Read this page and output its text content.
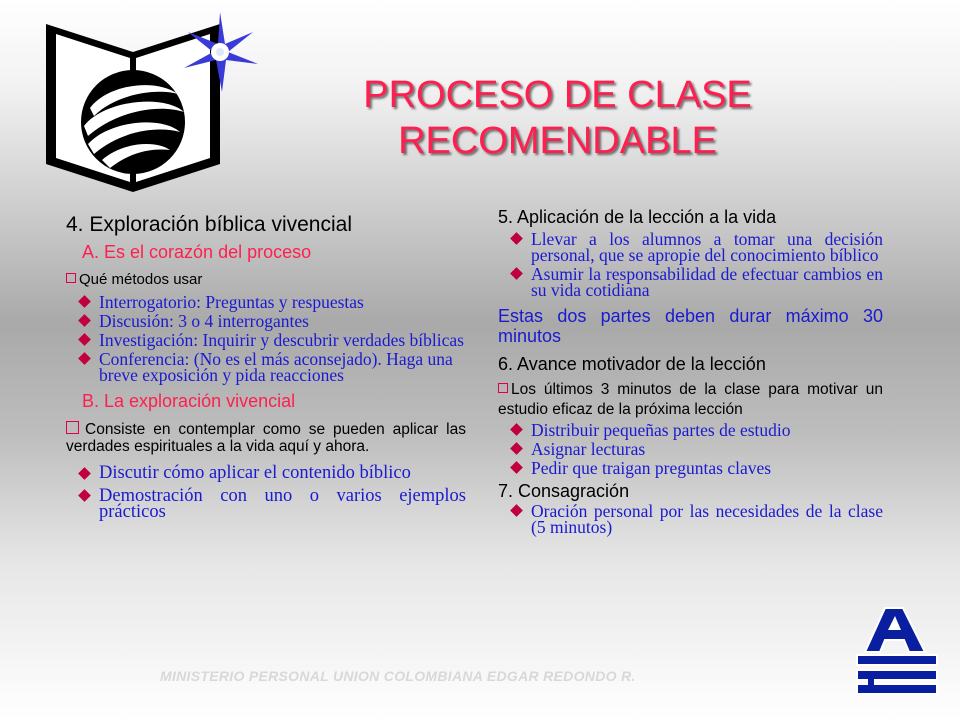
PROCESO DE CLASE
RECOMENDABLE
4. Exploración bíblica vivencial
A. Es el corazón del proceso
Qué métodos usar
Interrogatorio: Preguntas y respuestas
Discusión: 3 o 4 interrogantes
Investigación: Inquirir y descubrir verdades bíblicas
Conferencia: (No es el más aconsejado). Haga una breve exposición y pida reacciones
B. La exploración vivencial
Consiste en contemplar como se pueden aplicar las verdades espirituales a la vida aquí y ahora.
Discutir cómo aplicar el contenido bíblico
Demostración con uno o varios ejemplos prácticos
5. Aplicación de la lección a la vida
Llevar a los alumnos a tomar una decisión personal, que se apropie del conocimiento bíblico
Asumir la responsabilidad de efectuar cambios en su vida cotidiana
Estas dos partes deben durar máximo 30 minutos
6. Avance motivador de la lección
Los últimos 3 minutos de la clase para motivar un estudio eficaz de la próxima lección
Distribuir pequeñas partes de estudio
Asignar lecturas
Pedir que traigan preguntas claves
7. Consagración
Oración personal por las necesidades de la clase (5 minutos)
MINISTERIO PERSONAL UNION COLOMBIANA EDGAR REDONDO R.
